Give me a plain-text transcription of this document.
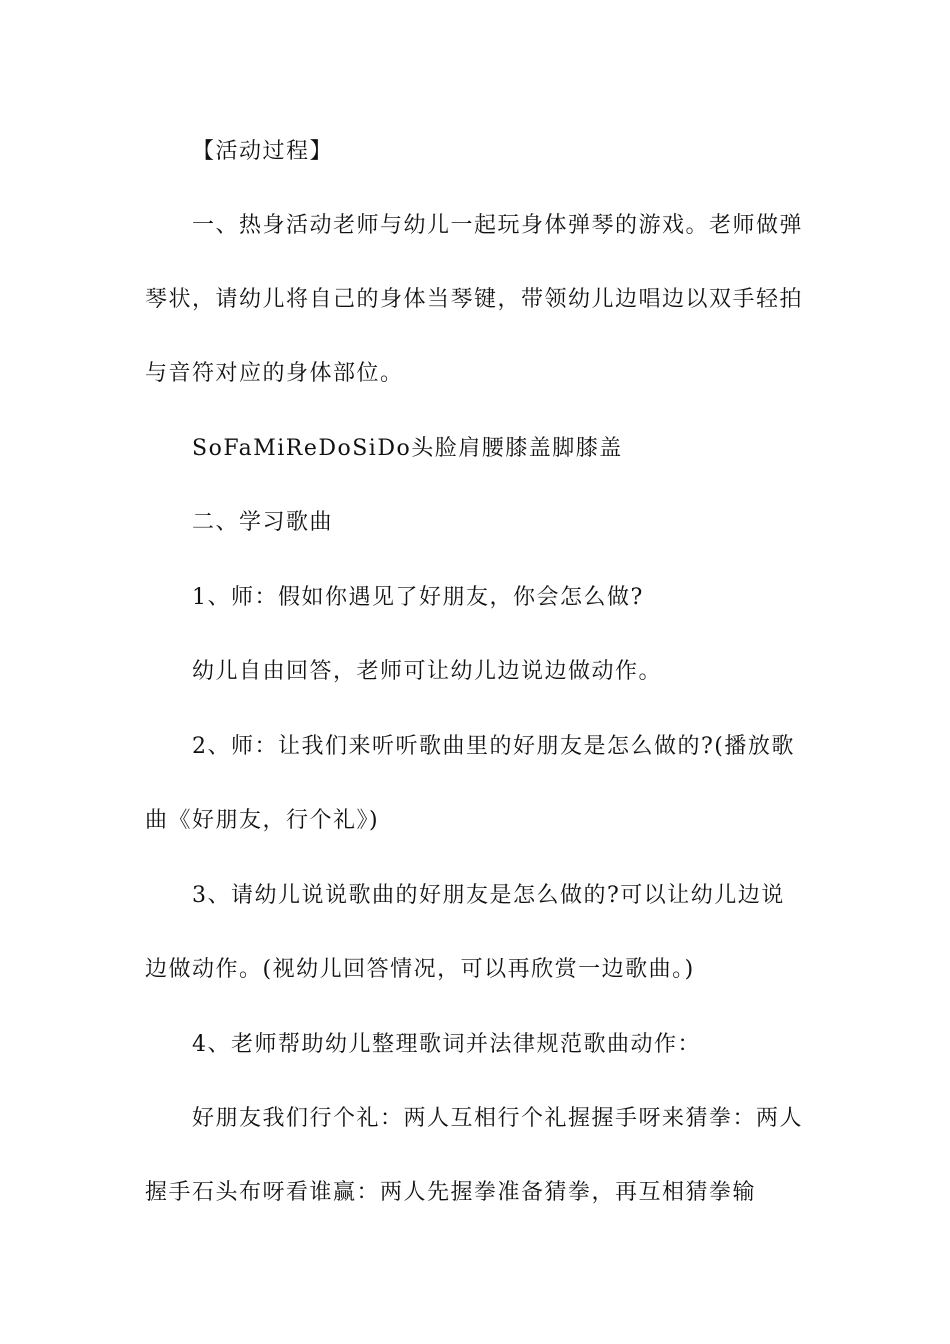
【活动过程】

一、热身活动老师与幼儿一起玩身体弹琴的游戏。老师做弹琴状，请幼儿将自己的身体当琴键，带领幼儿边唱边以双手轻拍与音符对应的身体部位。

SoFaMiReDoSiDo头脸肩腰膝盖脚膝盖

二、学习歌曲

1、师：假如你遇见了好朋友，你会怎么做?

幼儿自由回答，老师可让幼儿边说边做动作。

2、师：让我们来听听歌曲里的好朋友是怎么做的?(播放歌曲《好朋友，行个礼》)

3、请幼儿说说歌曲的好朋友是怎么做的?可以让幼儿边说边做动作。(视幼儿回答情况，可以再欣赏一边歌曲。)

4、老师帮助幼儿整理歌词并法律规范歌曲动作：

好朋友我们行个礼：两人互相行个礼握握手呀来猜拳：两人握手石头布呀看谁赢：两人先握拳准备猜拳，再互相猜拳输
